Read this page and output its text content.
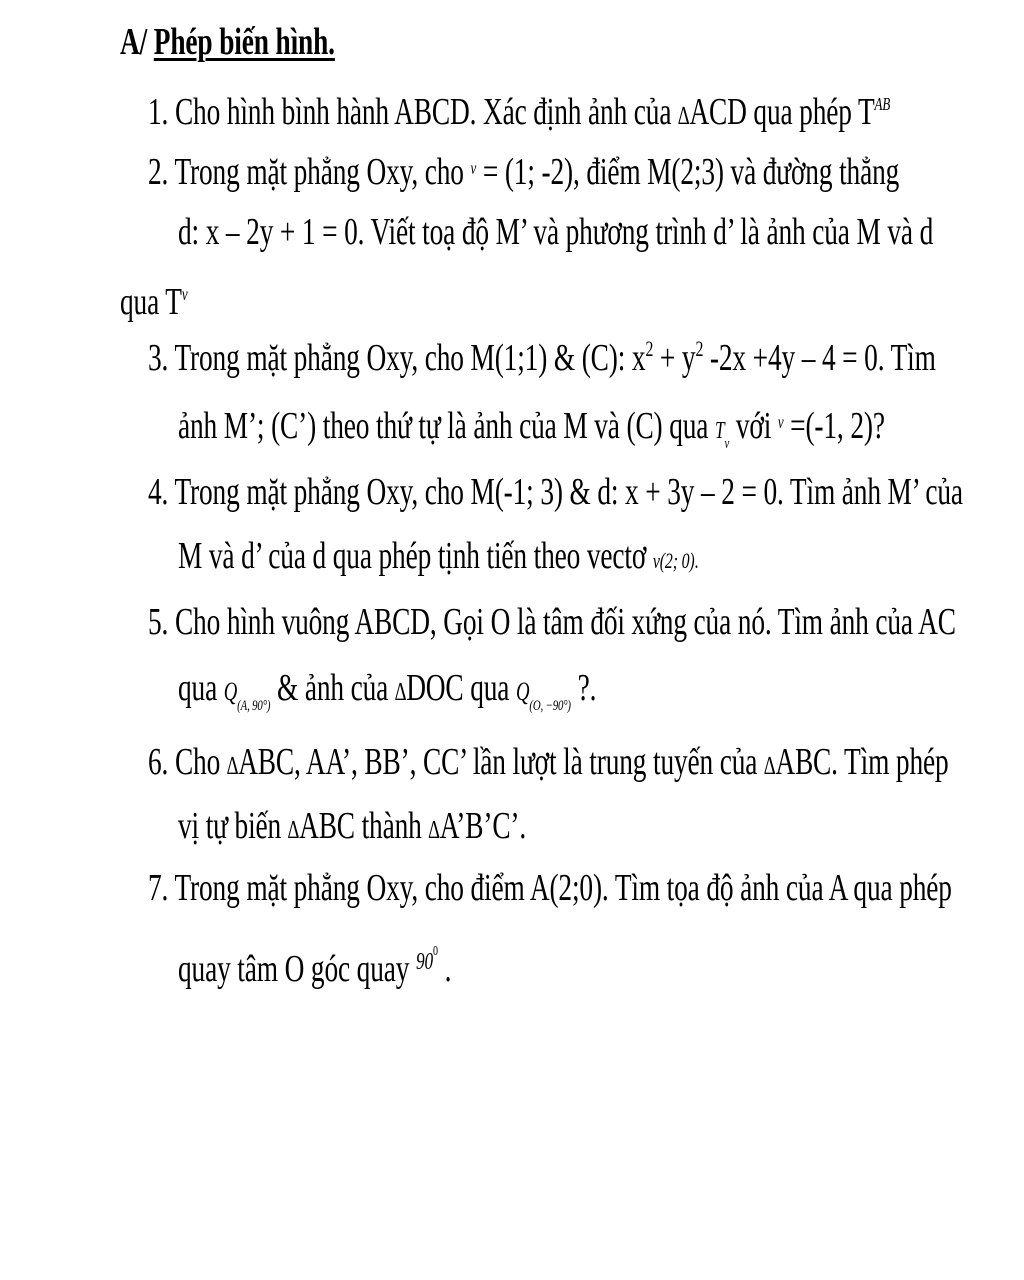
A/ Phép biến hình.
1. Cho hình bình hành ABCD. Xác định ảnh của ∆ACD qua phép $T^{AB}$
2. Trong mặt phẳng Oxy, cho $^v$ = (1; -2), điểm M(2;3) và đường thẳng
d: x – 2y + 1 = 0. Viết toạ độ M’ và phương trình d’ là ảnh của M và d
qua $T^v$
3. Trong mặt phẳng Oxy, cho M(1;1) & (C): $x^2 + y^2$ -2x +4y – 4 = 0. Tìm
ảnh M’; (C’) theo thứ tự là ảnh của M và (C) qua $T_v$ với $^v$ =(-1, 2)?
4. Trong mặt phẳng Oxy, cho M(-1; 3) & d: x + 3y – 2 = 0. Tìm ảnh M’ của
M và d’ của d qua phép tịnh tiến theo vectơ v(2; 0).
5. Cho hình vuông ABCD, Gọi O là tâm đối xứng của nó. Tìm ảnh của AC
qua $Q_{(A, 90^\circ)}$ & ảnh của ∆DOC qua $Q_{(O, -90^\circ)}$ ?.
6. Cho ∆ABC, AA’, BB’, CC’ lần lượt là trung tuyến của ∆ABC. Tìm phép
vị tự biến ∆ABC thành ∆A’B’C’.
7. Trong mặt phẳng Oxy, cho điểm A(2;0). Tìm tọa độ ảnh của A qua phép
quay tâm O góc quay $^{900}$ .
